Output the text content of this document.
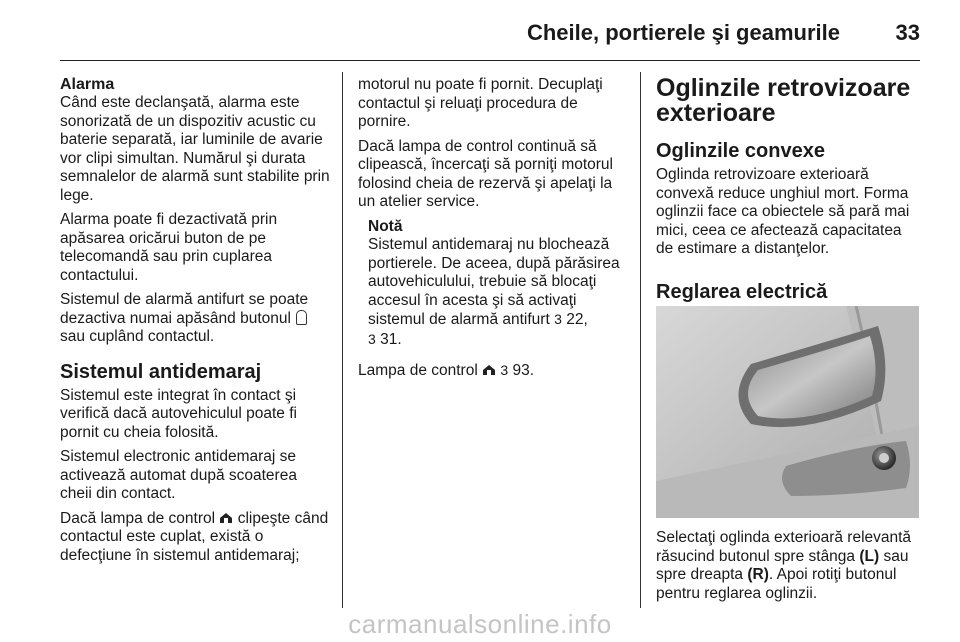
Cheile, portierele şi geamurile	33
Alarma

Când este declanşată, alarma este sonorizată de un dispozitiv acustic cu baterie separată, iar luminile de avarie vor clipi simultan. Numărul şi durata semnalelor de alarmă sunt stabilite prin lege.

Alarma poate fi dezactivată prin apăsarea oricărui buton de pe telecomandă sau prin cuplarea contactului.

Sistemul de alarmă antifurt se poate dezactiva numai apăsând butonul  sau cuplând contactul.

Sistemul antidemaraj

Sistemul este integrat în contact şi verifică dacă autovehiculul poate fi pornit cu cheia folosită.

Sistemul electronic antidemaraj se activează automat după scoaterea cheii din contact.

Dacă lampa de control clipeşte când contactul este cuplat, există o defecţiune în sistemul antidemaraj;

motorul nu poate fi pornit. Decuplaţi contactul şi reluaţi procedura de pornire.

Dacă lampa de control continuă să clipească, încercaţi să porniţi motorul folosind cheia de rezervă şi apelaţi la un atelier service.

Notă
Sistemul antidemaraj nu blochează portierele. De aceea, după părăsirea autovehiculului, trebuie să blocaţi accesul în acesta şi să activaţi sistemul de alarmă antifurt 3 22,
3 31.

Lampa de control 3 93.

Oglinzile retrovizoare exterioare
Oglinzile convexe

Oglinda retrovizoare exterioară convexă reduce unghiul mort. Forma oglinzii face ca obiectele să pară mai mici, ceea ce afectează capacitatea de estimare a distanţelor.

Reglarea electrică
Selectaţi oglinda exterioară relevantă răsucind butonul spre stânga (L) sau spre dreapta (R). Apoi rotiţi butonul pentru reglarea oglinzii.
carmanualsonline.info
